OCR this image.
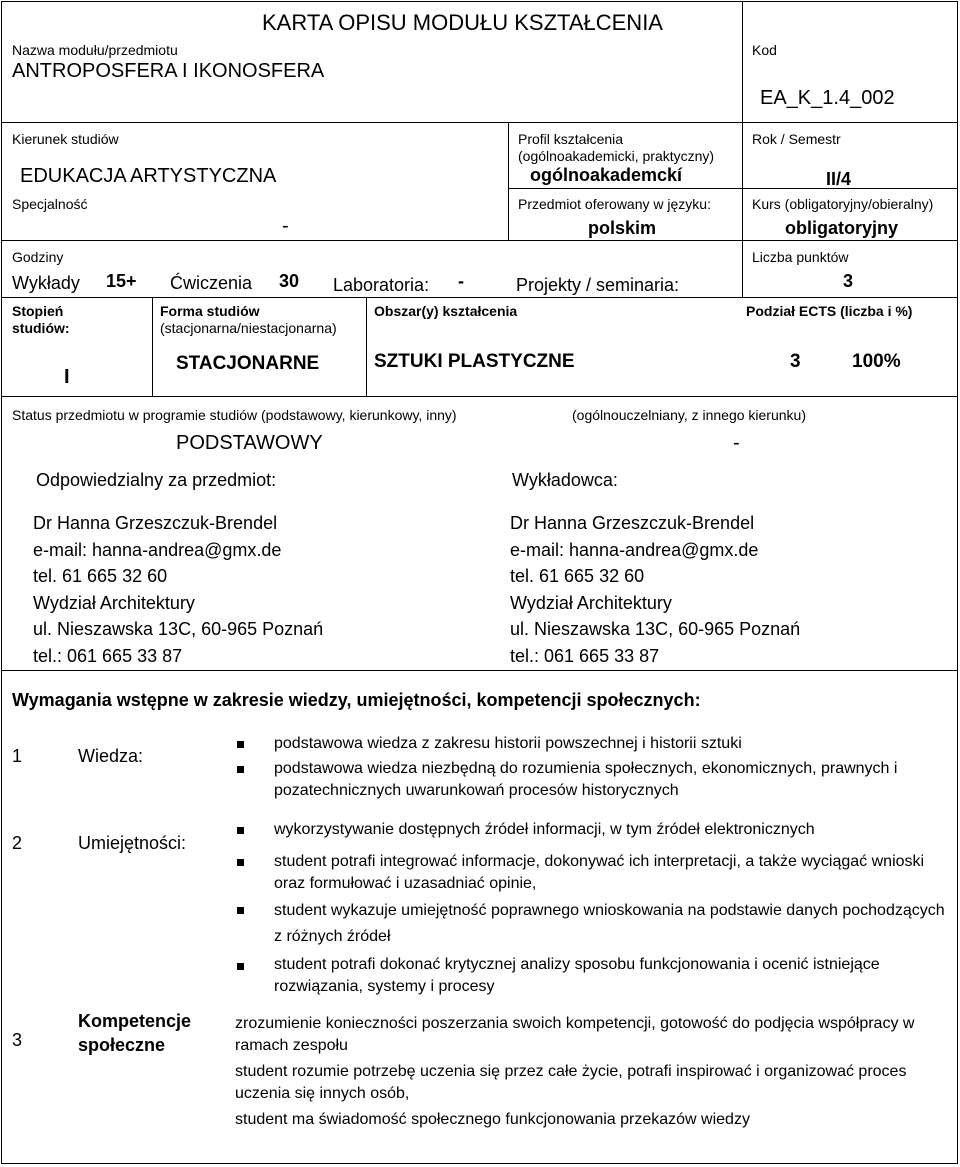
KARTA OPISU MODUŁU KSZTAŁCENIA
Nazwa modułu/przedmiotu
ANTROPOSFERA I IKONOSFERA
Kod
EA_K_1.4_002
Kierunek studiów
EDUKACJA ARTYSTYCZNA
Profil kształcenia
(ogólnoakademicki, praktyczny)
ogólnoakademckí
Rok / Semestr
II/4
Specjalność
-
Przedmiot oferowany w języku:
polskim
Kurs (obligatoryjny/obieralny)
obligatoryjny
Godziny
Wykłady 15+ Ćwiczenia 30 Laboratoria: -	Projekty / seminaria:
Liczba punktów
3
Stopień
studiów:
I
Forma studiów
(stacjonarna/niestacjonarna)
STACJONARNE
Obszar(y) kształcenia
SZTUKI PLASTYCZNE
Podział ECTS (liczba i %)
3	100%
Status przedmiotu w programie studiów (podstawowy, kierunkowy, inny)
PODSTAWOWY
(ogólnouczelniany, z innego kierunku)
-
Odpowiedzialny za przedmiot:
Dr Hanna Grzeszczuk-Brendel
e-mail: hanna-andrea@gmx.de
tel. 61 665 32 60
Wydział Architektury
ul. Nieszawska 13C, 60-965 Poznań
tel.: 061 665 33 87
Wykładowca:
Dr Hanna Grzeszczuk-Brendel
e-mail: hanna-andrea@gmx.de
tel. 61 665 32 60
Wydział Architektury
ul. Nieszawska 13C, 60-965 Poznań
tel.: 061 665 33 87
Wymagania wstępne w zakresie wiedzy, umiejętności, kompetencji społecznych:
1	Wiedza:
podstawowa wiedza z zakresu historii powszechnej i historii sztuki
podstawowa wiedza niezbędną do rozumienia społecznych, ekonomicznych, prawnych i pozatechnicznych uwarunkowań procesów historycznych
2	Umiejętności:
wykorzystywanie dostępnych źródeł informacji, w tym źródeł elektronicznych
student potrafi integrować informacje, dokonywać ich interpretacji, a także wyciągać wnioski oraz formułować i uzasadniać opinie,
student wykazuje umiejętność poprawnego wnioskowania na podstawie danych pochodzących z różnych źródeł
student potrafi dokonać krytycznej analizy sposobu funkcjonowania i ocenić istniejące rozwiązania, systemy i procesy
3
Kompetencje
społeczne
zrozumienie konieczności poszerzania swoich kompetencji, gotowość do podjęcia współpracy w ramach zespołu
student rozumie potrzebę uczenia się przez całe życie, potrafi inspirować i organizować proces uczenia się innych osób,
student ma świadomość społecznego funkcjonowania przekazów wiedzy
